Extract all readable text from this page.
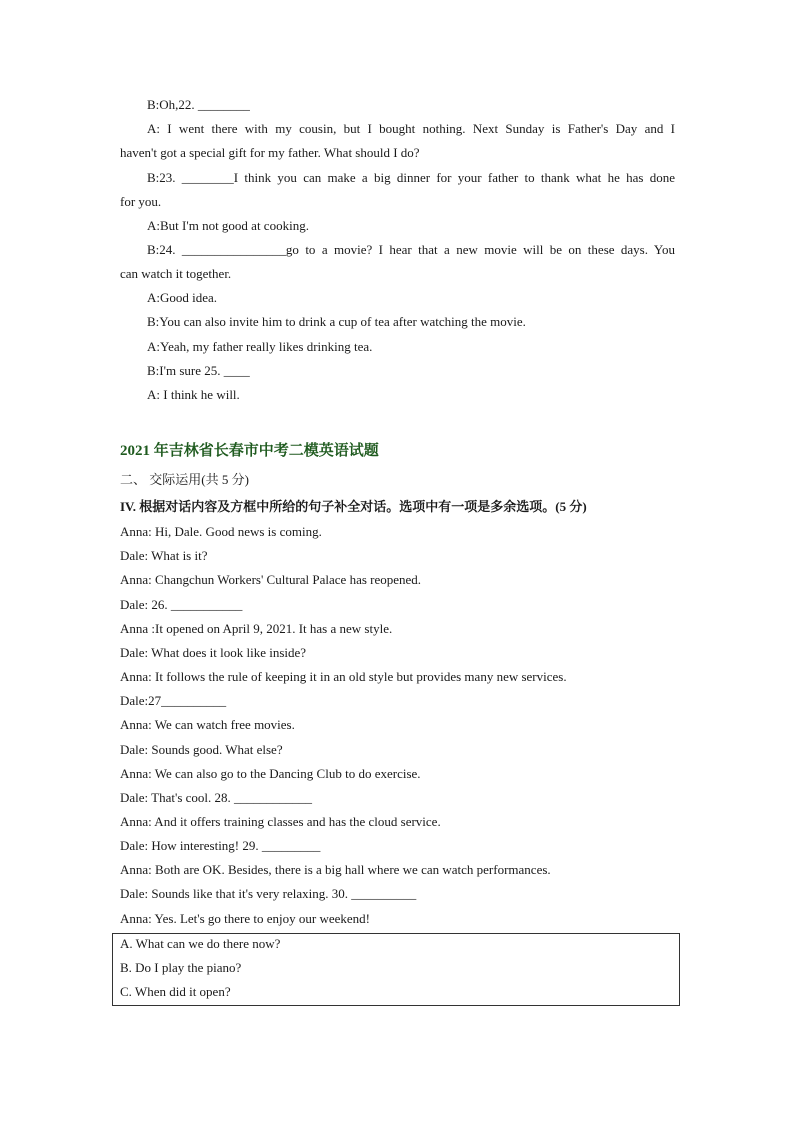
B:Oh,22. ________
A: I went there with my cousin, but I bought nothing. Next Sunday is Father's Day and I
haven't got a special gift for my father. What should I do?
B:23. ________I think you can make a big dinner for your father to thank what he has done
for you.
A:But I'm not good at cooking.
B:24. ________________go to a movie? I hear that a new movie will be on these days. You
can watch it together.
A:Good idea.
B:You can also invite him to drink a cup of tea after watching the movie.
A:Yeah, my father really likes drinking tea.
B:I'm sure 25. ____
A: I think he will.
2021 年吉林省长春市中考二模英语试题
二、 交际运用(共 5 分)
IV. 根据对话内容及方框中所给的句子补全对话。选项中有一项是多余选项。(5 分)
Anna: Hi, Dale. Good news is coming.
Dale: What is it?
Anna: Changchun Workers' Cultural Palace has reopened.
Dale: 26. ___________
Anna :It opened on April 9, 2021. It has a new style.
Dale: What does it look like inside?
Anna: It follows the rule of keeping it in an old style but provides many new services.
Dale:27__________
Anna: We can watch free movies.
Dale: Sounds good. What else?
Anna: We can also go to the Dancing Club to do exercise.
Dale: That's cool. 28. ____________
Anna: And it offers training classes and has the cloud service.
Dale: How interesting! 29. _________
Anna: Both are OK. Besides, there is a big hall where we can watch performances.
Dale: Sounds like that it's very relaxing. 30. __________
Anna: Yes. Let's go there to enjoy our weekend!
A. What can we do there now?
B. Do I play the piano?
C. When did it open?
